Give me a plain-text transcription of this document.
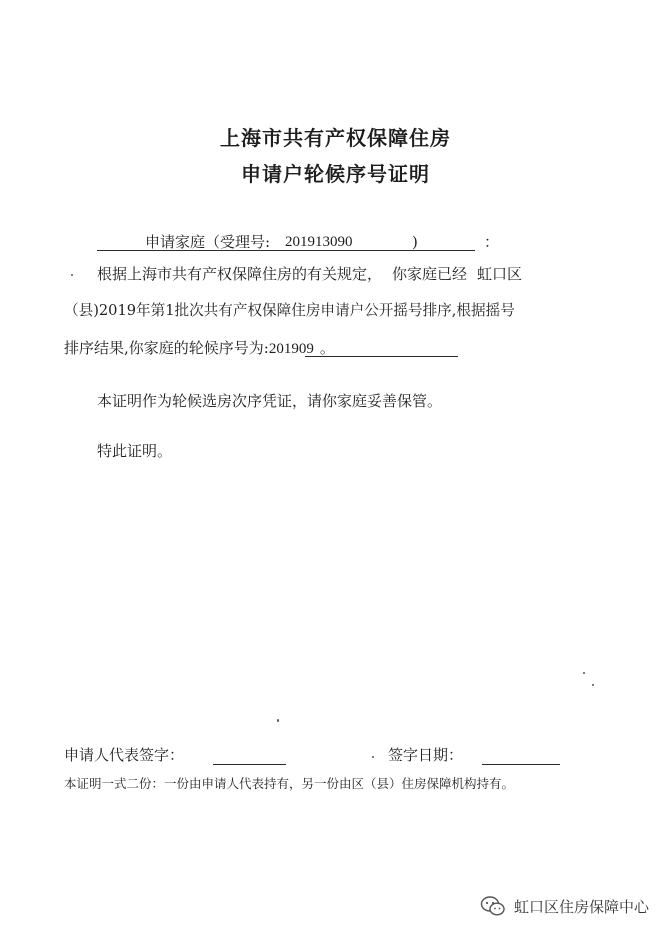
上海市共有产权保障住房
申请户轮候序号证明
申请家庭（受理号: 201913090	)	：
根据上海市共有产权保障住房的有关规定， 你家庭已经 虹口区
（县)2019年第1批次共有产权保障住房申请户公开摇号排序,根据摇号
排序结果,你家庭的轮候序号为:201909 。
本证明作为轮候选房次序凭证，请你家庭妥善保管。
特此证明。
申请人代表签字：	签字日期：
本证明一式二份：一份由申请人代表持有，另一份由区（县）住房保障机构持有。
虹口区住房保障中心
